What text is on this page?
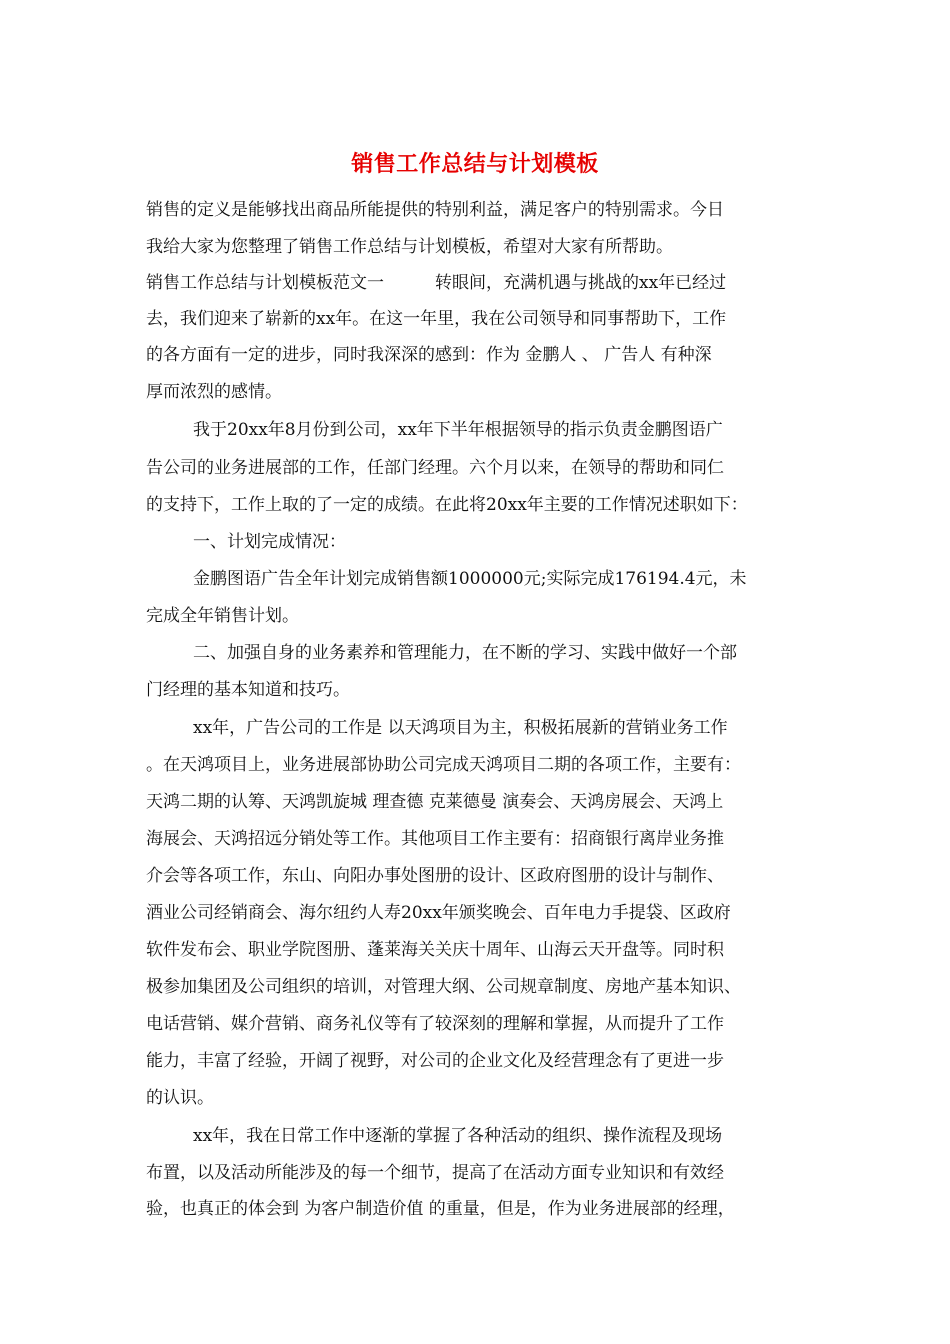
销售工作总结与计划模板
销售的定义是能够找出商品所能提供的特别利益，满足客户的特别需求。今日
我给大家为您整理了销售工作总结与计划模板，希望对大家有所帮助。
销售工作总结与计划模板范文一　　　转眼间，充满机遇与挑战的xx年已经过
去，我们迎来了崭新的xx年。在这一年里，我在公司领导和同事帮助下，工作
的各方面有一定的进步，同时我深深的感到：作为 金鹏人 、 广告人 有种深
厚而浓烈的感情。
我于20xx年8月份到公司，xx年下半年根据领导的指示负责金鹏图语广
告公司的业务进展部的工作，任部门经理。六个月以来，在领导的帮助和同仁
的支持下，工作上取的了一定的成绩。在此将20xx年主要的工作情况述职如下：
一、计划完成情况：
金鹏图语广告全年计划完成销售额1000000元;实际完成176194.4元，未
完成全年销售计划。
二、加强自身的业务素养和管理能力，在不断的学习、实践中做好一个部
门经理的基本知道和技巧。
xx年，广告公司的工作是 以天鸿项目为主，积极拓展新的营销业务工作
。在天鸿项目上，业务进展部协助公司完成天鸿项目二期的各项工作，主要有：
天鸿二期的认筹、天鸿凯旋城 理查德 克莱德曼 演奏会、天鸿房展会、天鸿上
海展会、天鸿招远分销处等工作。其他项目工作主要有：招商银行离岸业务推
介会等各项工作，东山、向阳办事处图册的设计、区政府图册的设计与制作、
酒业公司经销商会、海尔纽约人寿20xx年颁奖晚会、百年电力手提袋、区政府
软件发布会、职业学院图册、蓬莱海关关庆十周年、山海云天开盘等。同时积
极参加集团及公司组织的培训，对管理大纲、公司规章制度、房地产基本知识、
电话营销、媒介营销、商务礼仪等有了较深刻的理解和掌握，从而提升了工作
能力，丰富了经验，开阔了视野，对公司的企业文化及经营理念有了更进一步
的认识。
xx年，我在日常工作中逐渐的掌握了各种活动的组织、操作流程及现场
布置，以及活动所能涉及的每一个细节，提高了在活动方面专业知识和有效经
验，也真正的体会到 为客户制造价值 的重量，但是，作为业务进展部的经理，
